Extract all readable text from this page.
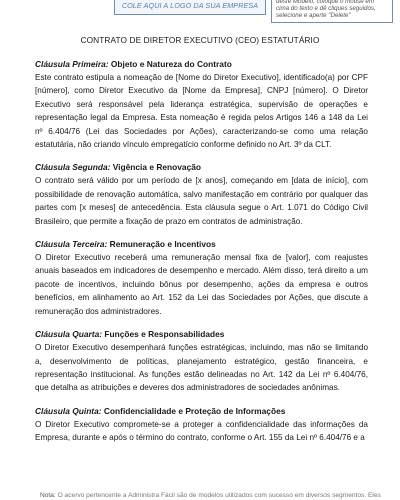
COLE AQUI A LOGO DA SUA EMPRESA	deste Modelo, coloque o mouse em cima do texto e dê cliques seguidos, selecione e aperte "Delete"
CONTRATO DE DIRETOR EXECUTIVO (CEO) ESTATUTÁRIO

Cláusula Primeira: Objeto e Natureza do Contrato

Este contrato estipula a nomeação de [Nome do Diretor Executivo], identificado(a) por CPF [número], como Diretor Executivo da [Nome da Empresa], CNPJ [número]. O Diretor Executivo será responsável pela liderança estratégica, supervisão de operações e representação legal da Empresa. Esta nomeação é regida pelos Artigos 146 a 148 da Lei nº 6.404/76 (Lei das Sociedades por Ações), caracterizando-se como uma relação estatutária, não criando vínculo empregatício conforme definido no Art. 3º da CLT.

Cláusula Segunda: Vigência e Renovação

O contrato será válido por um período de [x anos], começando em [data de início], com possibilidade de renovação automática, salvo manifestação em contrário por qualquer das partes com [x meses] de antecedência. Esta cláusula segue o Art. 1.071 do Código Civil Brasileiro, que permite a fixação de prazo em contratos de administração.

Cláusula Terceira: Remuneração e Incentivos

O Diretor Executivo receberá uma remuneração mensal fixa de [valor], com reajustes anuais baseados em indicadores de desempenho e mercado. Além disso, terá direito a um pacote de incentivos, incluindo bônus por desempenho, ações da empresa e outros benefícios, em alinhamento ao Art. 152 da Lei das Sociedades por Ações, que discute a remuneração dos administradores.

Cláusula Quarta: Funções e Responsabilidades

O Diretor Executivo desempenhará funções estratégicas, incluindo, mas não se limitando a, desenvolvimento de políticas, planejamento estratégico, gestão financeira, e representação institucional. As funções estão delineadas no Art. 142 da Lei nº 6.404/76, que detalha as atribuições e deveres dos administradores de sociedades anônimas.

Cláusula Quinta: Confidencialidade e Proteção de Informações

O Diretor Executivo compromete-se a proteger a confidencialidade das informações da Empresa, durante e após o término do contrato, conforme o Art. 155 da Lei nº 6.404/76 e a

Nota: O acervo pertencente a Administra Fácil são de modelos utilizados com sucesso em diversos segmentos. Eles
